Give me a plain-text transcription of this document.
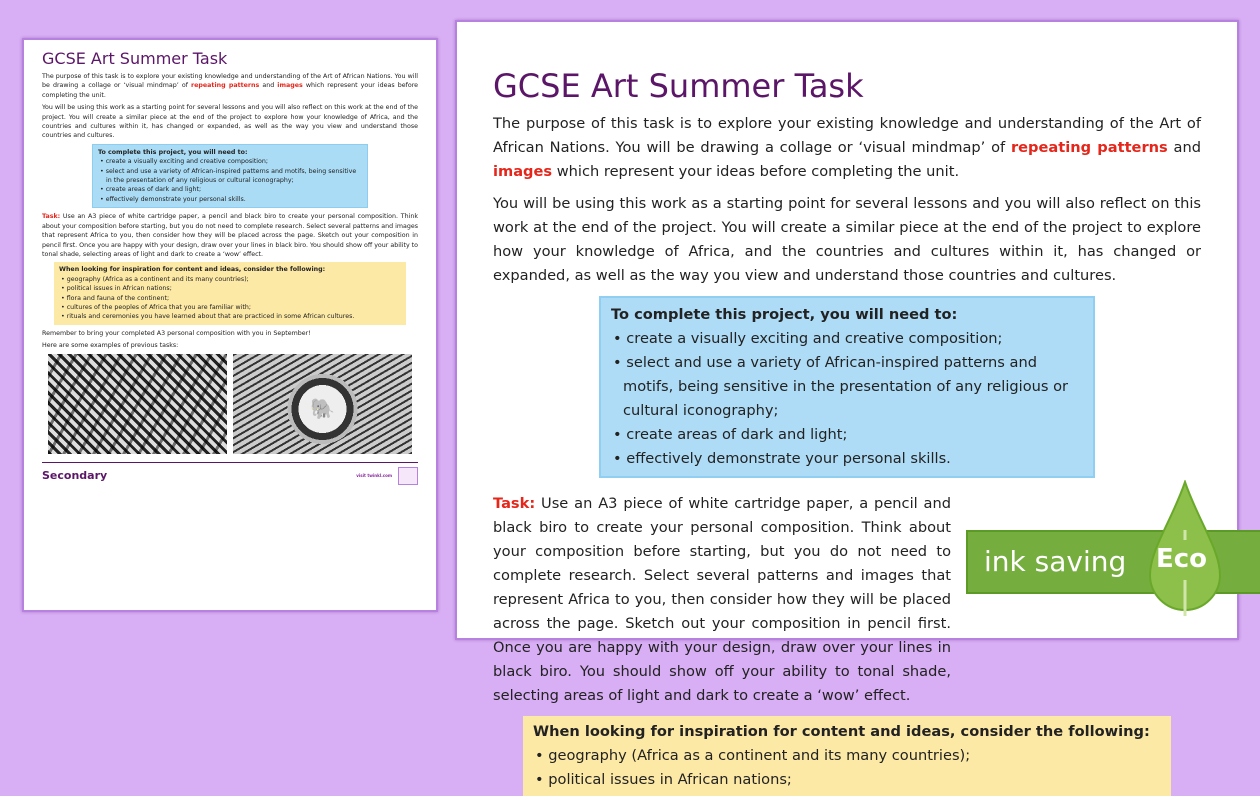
GCSE Art Summer Task

The purpose of this task is to explore your existing knowledge and understanding of the Art of African Nations. You will be drawing a collage or ‘visual mindmap’ of repeating patterns and images which represent your ideas before completing the unit.

You will be using this work as a starting point for several lessons and you will also reflect on this work at the end of the project. You will create a similar piece at the end of the project to explore how your knowledge of Africa, and the countries and cultures within it, has changed or expanded, as well as the way you view and understand those countries and cultures.

To complete this project, you will need to:
• create a visually exciting and creative composition;
• select and use a variety of African-inspired patterns and motifs, being sensitive in the presentation of any religious or cultural iconography;
• create areas of dark and light;
• effectively demonstrate your personal skills.

Task: Use an A3 piece of white cartridge paper, a pencil and black biro to create your personal composition. Think about your composition before starting, but you do not need to complete research. Select several patterns and images that represent Africa to you, then consider how they will be placed across the page. Sketch out your composition in pencil first. Once you are happy with your design, draw over your lines in black biro. You should show off your ability to tonal shade, selecting areas of light and dark to create a ‘wow’ effect.

When looking for inspiration for content and ideas, consider the following:
• geography (Africa as a continent and its many countries);
• political issues in African nations;
• flora and fauna of the continent;
• cultures of the peoples of Africa that you are familiar with;
• rituals and ceremonies you have learned about that are practiced in some African cultures.

Remember to bring your completed A3 personal composition with you in September!

Here are some examples of previous tasks:

🐘
Secondary	visit twinkl.com
GCSE Art Summer Task

The purpose of this task is to explore your existing knowledge and understanding of the Art of African Nations. You will be drawing a collage or ‘visual mindmap’ of repeating patterns and images which represent your ideas before completing the unit.

You will be using this work as a starting point for several lessons and you will also reflect on this work at the end of the project. You will create a similar piece at the end of the project to explore how your knowledge of Africa, and the countries and cultures within it, has changed or expanded, as well as the way you view and understand those countries and cultures.

To complete this project, you will need to:
• create a visually exciting and creative composition;
• select and use a variety of African-inspired patterns and motifs, being sensitive in the presentation of any religious or cultural iconography;
• create areas of dark and light;
• effectively demonstrate your personal skills.

Task: Use an A3 piece of white cartridge paper, a pencil and black biro to create your personal composition. Think about your composition before starting, but you do not need to complete research. Select several patterns and images that represent Africa to you, then consider how they will be placed across the page. Sketch out your composition in pencil first. Once you are happy with your design, draw over your lines in black biro. You should show off your ability to tonal shade, selecting areas of light and dark to create a ‘wow’ effect.

When looking for inspiration for content and ideas, consider the following:
• geography (Africa as a continent and its many countries);
• political issues in African nations;
ink saving	Eco
